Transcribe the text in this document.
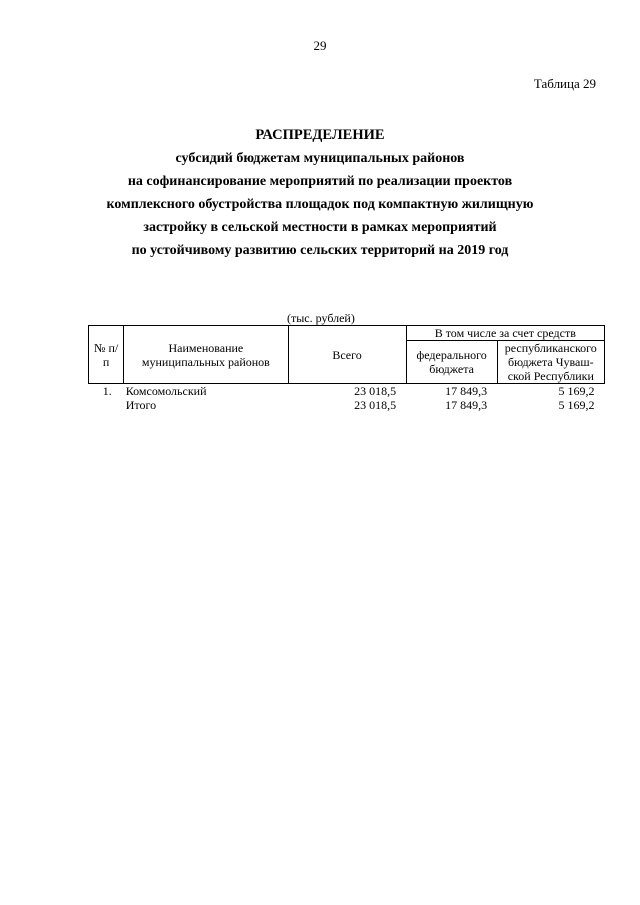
29
Таблица 29
РАСПРЕДЕЛЕНИЕ
субсидий бюджетам муниципальных районов
на софинансирование мероприятий по реализации проектов
комплексного обустройства площадок под компактную жилищную
застройку в сельской местности в рамках мероприятий
по устойчивому развитию сельских территорий на 2019 год
(тыс. рублей)
№ п/п	Наименование муниципальных районов	Всего	В том числе за счет средств	
			федерального бюджета	республиканского бюджета Чуваш-ской Республики
1.	Комсомольский	23 018,5	17 849,3	5 169,2
	Итого	23 018,5	17 849,3	5 169,2
